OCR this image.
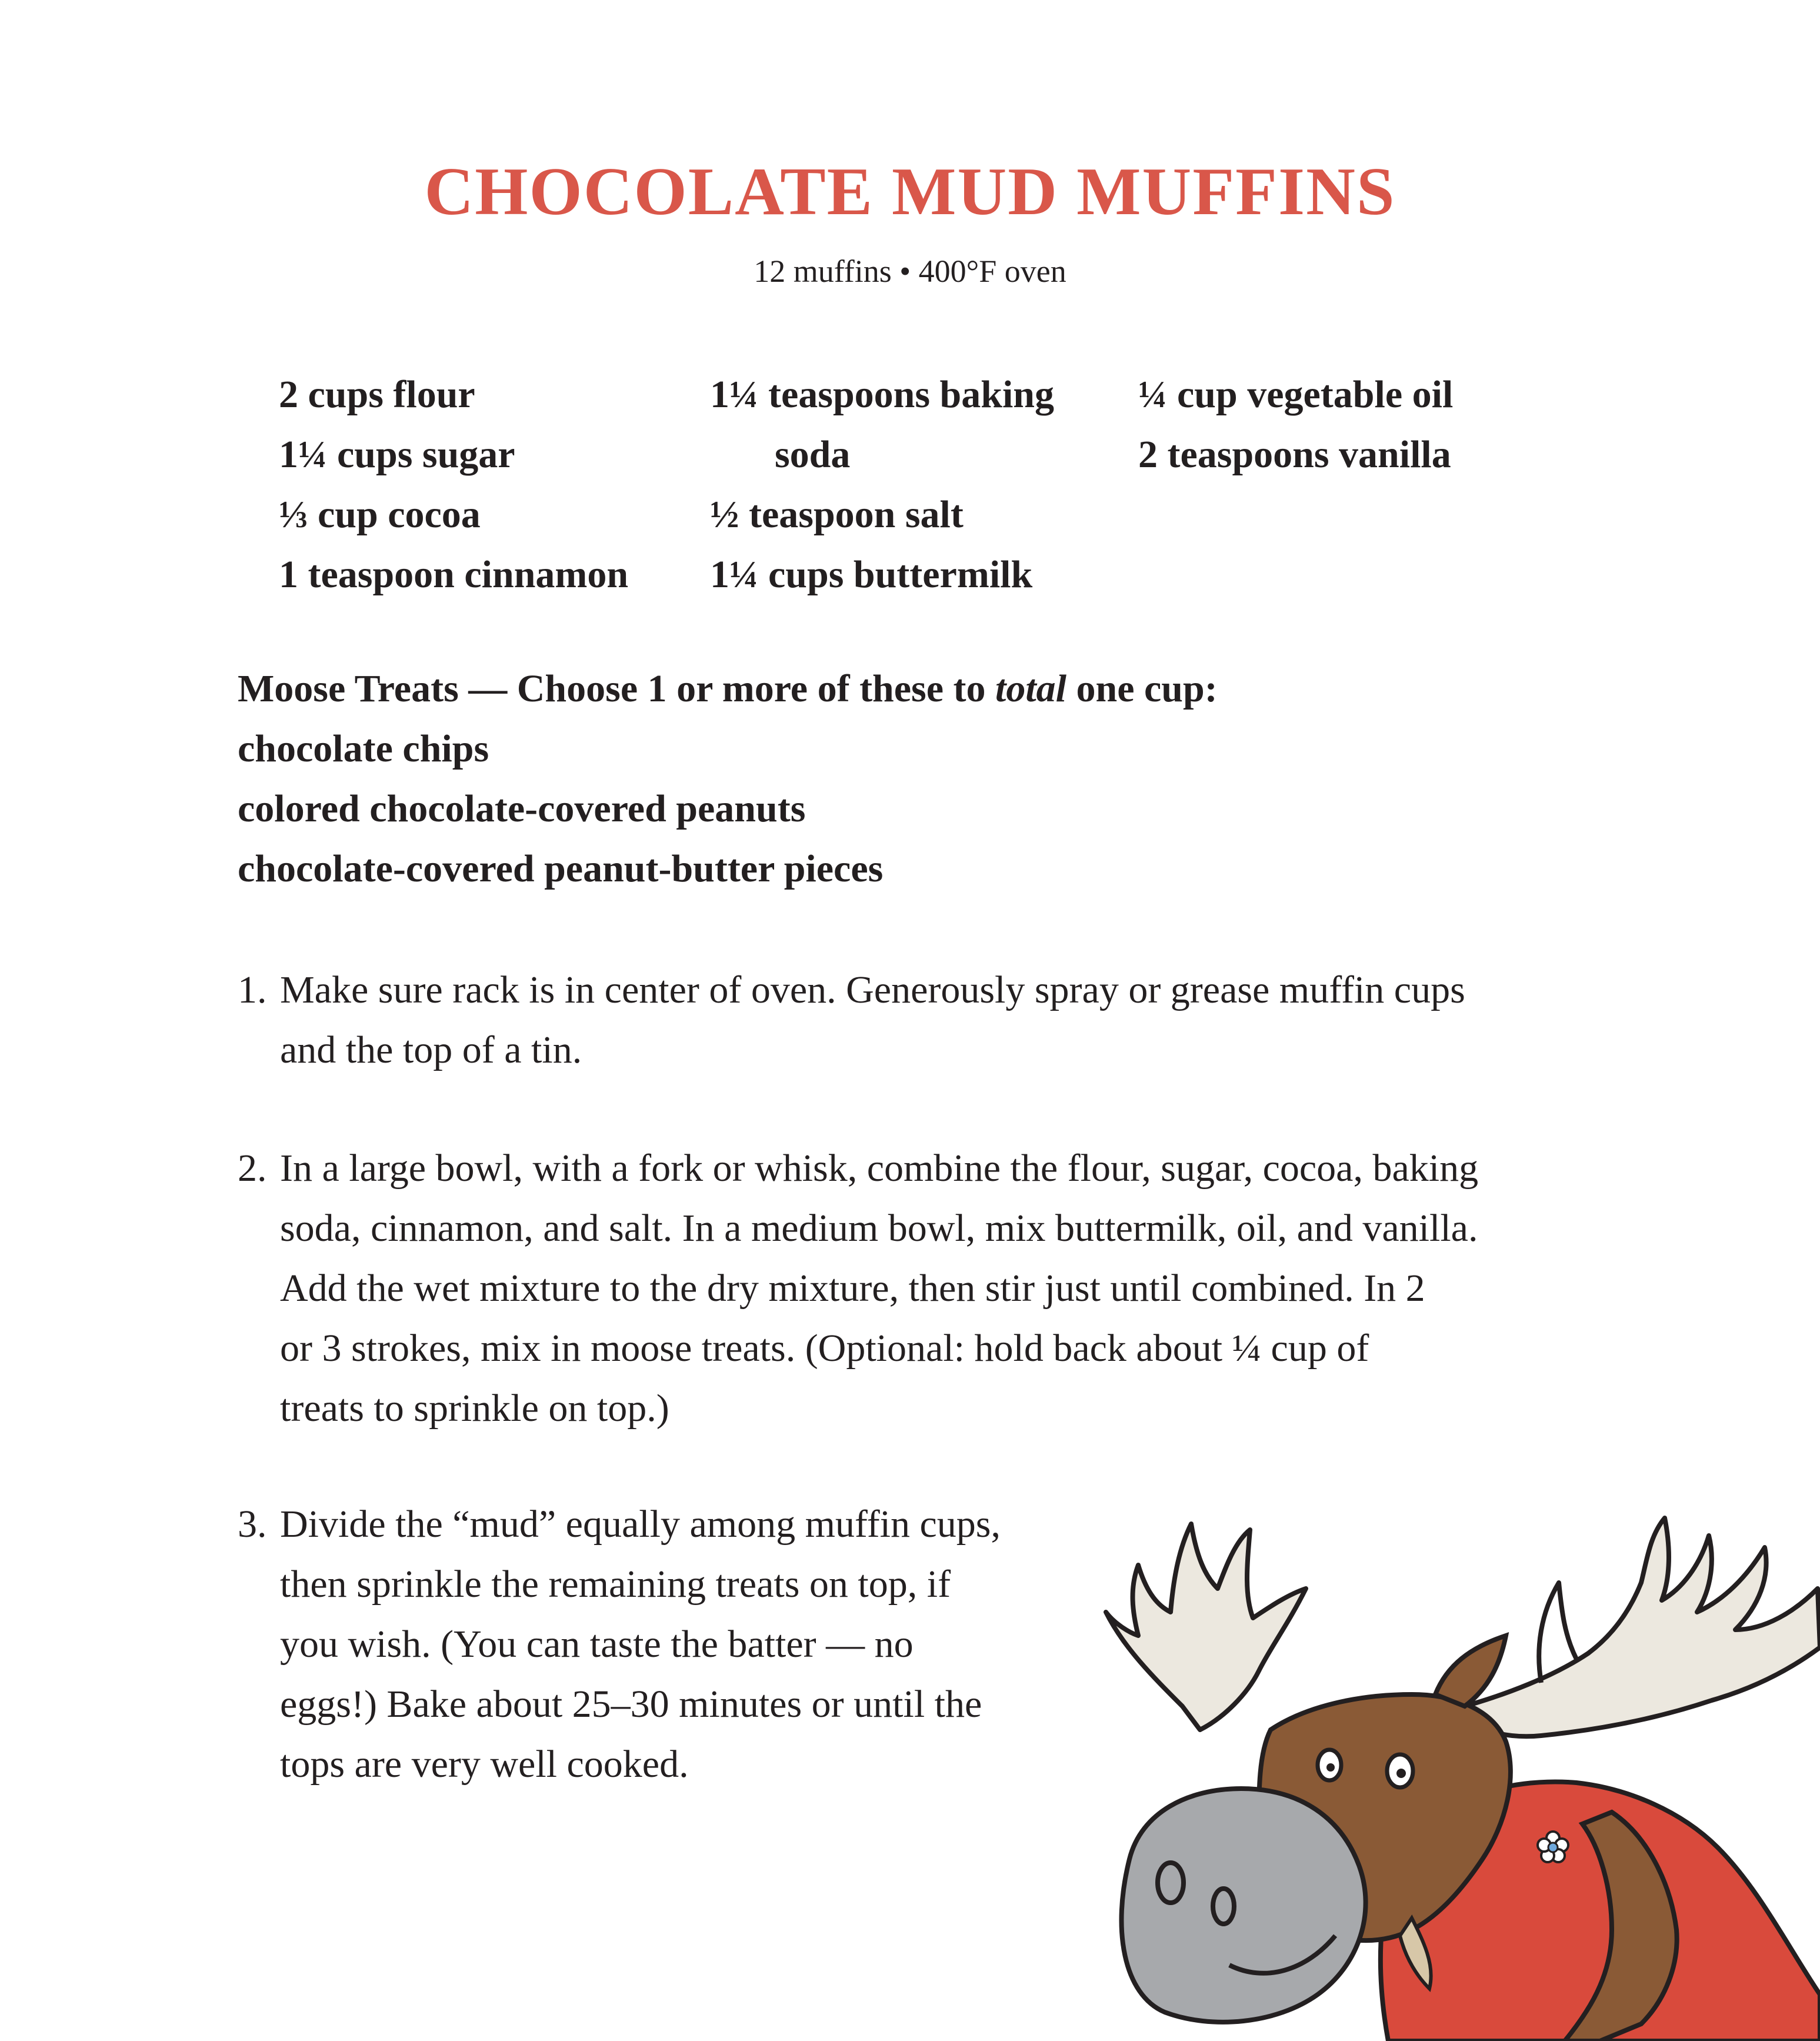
CHOCOLATE MUD MUFFINS
12 muffins • 400°F oven
2 cups flour
1¼ cups sugar
⅓ cup cocoa
1 teaspoon cinnamon
1¼ teaspoons baking
soda
½ teaspoon salt
1¼ cups buttermilk
¼ cup vegetable oil
2 teaspoons vanilla
Moose Treats — Choose 1 or more of these to total one cup:
chocolate chips
colored chocolate-covered peanuts
chocolate-covered peanut-butter pieces
1. Make sure rack is in center of oven. Generously spray or grease muffin cups
and the top of a tin.
2. In a large bowl, with a fork or whisk, combine the flour, sugar, cocoa, baking
soda, cinnamon, and salt. In a medium bowl, mix buttermilk, oil, and vanilla.
Add the wet mixture to the dry mixture, then stir just until combined. In 2
or 3 strokes, mix in moose treats. (Optional: hold back about ¼ cup of
treats to sprinkle on top.)
3. Divide the “mud” equally among muffin cups,
then sprinkle the remaining treats on top, if
you wish. (You can taste the batter — no
eggs!) Bake about 25–30 minutes or until the
tops are very well cooked.
